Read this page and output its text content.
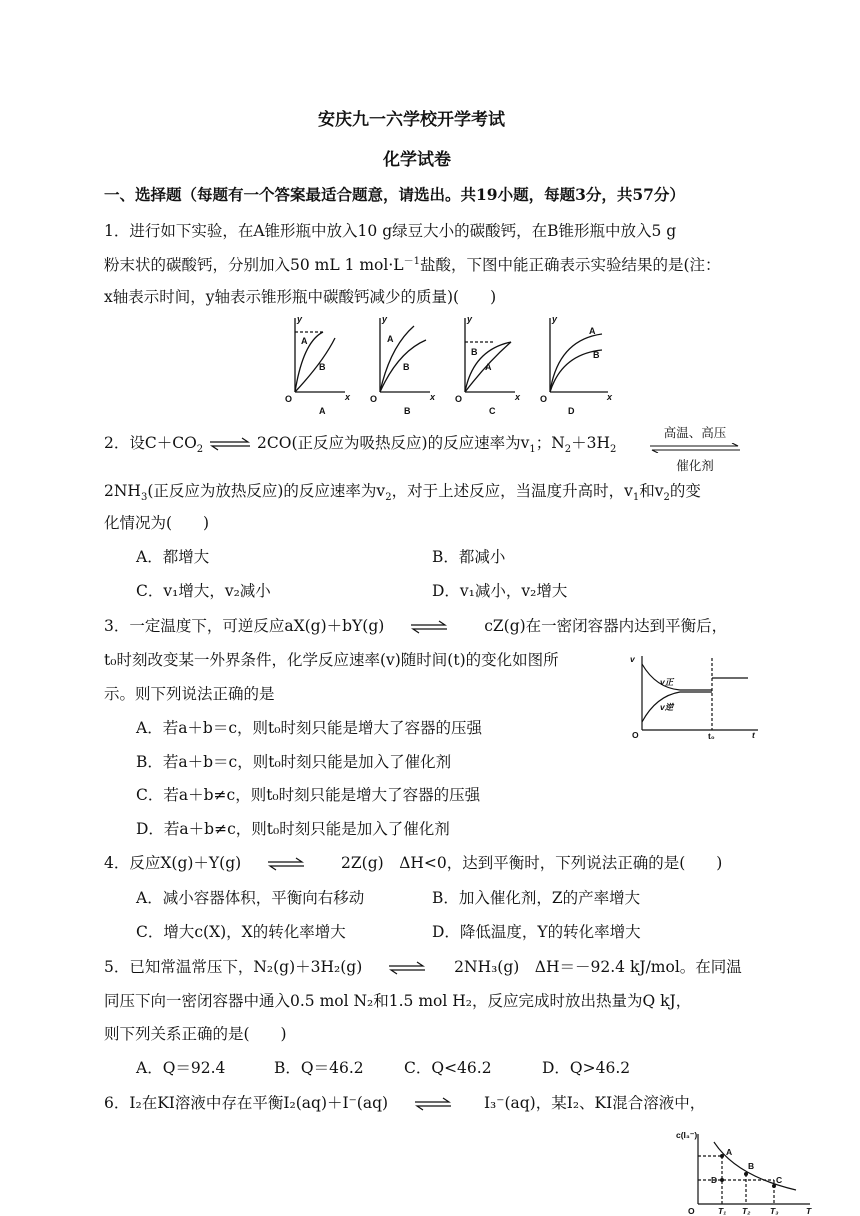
安庆九一六学校开学考试
化学试卷
一、选择题（每题有一个答案最适合题意，请选出。共19小题，每题3分，共57分）
1．进行如下实验，在A锥形瓶中放入10 g绿豆大小的碳酸钙，在B锥形瓶中放入5 g
粉末状的碳酸钙，分别加入50 mL 1 $mol\cdot L^{-1}$盐酸，下图中能正确表示实验结果的是(注：
x轴表示时间，y轴表示锥形瓶中碳酸钙减少的质量)(　　)
y
x
O
A
B
A
y
x
O
A
B
B
y
x
O
B
A
C
y
x
O
A
B
D
2．设$C+CO_2$ ⇌ 2CO(正反应为吸热反应)的反应速率为$v_1$；$N_2+3H_2$
高温、高压
催化剂
$2NH_3$(正反应为放热反应)的反应速率为$v_2$，对于上述反应，当温度升高时，$v_1$和$v_2$的变
化情况为(　　)
A．都增大	B．都减小
C．v₁增大，v₂减小	D．v₁减小，v₂增大
3．一定温度下，可逆反应aX(g)＋bY(g)	cZ(g)在一密闭容器内达到平衡后，
t₀时刻改变某一外界条件，化学反应速率(v)随时间(t)的变化如图所
示。则下列说法正确的是
v
t
O	t₀
v正
v逆
A．若a＋b＝c，则t₀时刻只能是增大了容器的压强
B．若a＋b＝c，则t₀时刻只能是加入了催化剂
C．若a＋b≠c，则t₀时刻只能是增大了容器的压强
D．若a＋b≠c，则t₀时刻只能是加入了催化剂
4．反应X(g)＋Y(g)	2Z(g)　ΔH<0，达到平衡时，下列说法正确的是(　　)
A．减小容器体积，平衡向右移动	B．加入催化剂，Z的产率增大
C．增大c(X)，X的转化率增大	D．降低温度，Y的转化率增大
5．已知常温常压下，N₂(g)＋3H₂(g)	2NH₃(g)　ΔH＝－92.4 kJ/mol。在同温
同压下向一密闭容器中通入0.5 mol N₂和1.5 mol H₂，反应完成时放出热量为Q kJ，
则下列关系正确的是(　　)
A．Q＝92.4	B．Q＝46.2	C．Q<46.2	D．Q>46.2
6．I₂在KI溶液中存在平衡I₂(aq)＋I⁻(aq)	I₃⁻(aq)，某I₂、KI混合溶液中，
c(I₃⁻)
T
O
A
B
C
D
T₁ T₂ T₃
